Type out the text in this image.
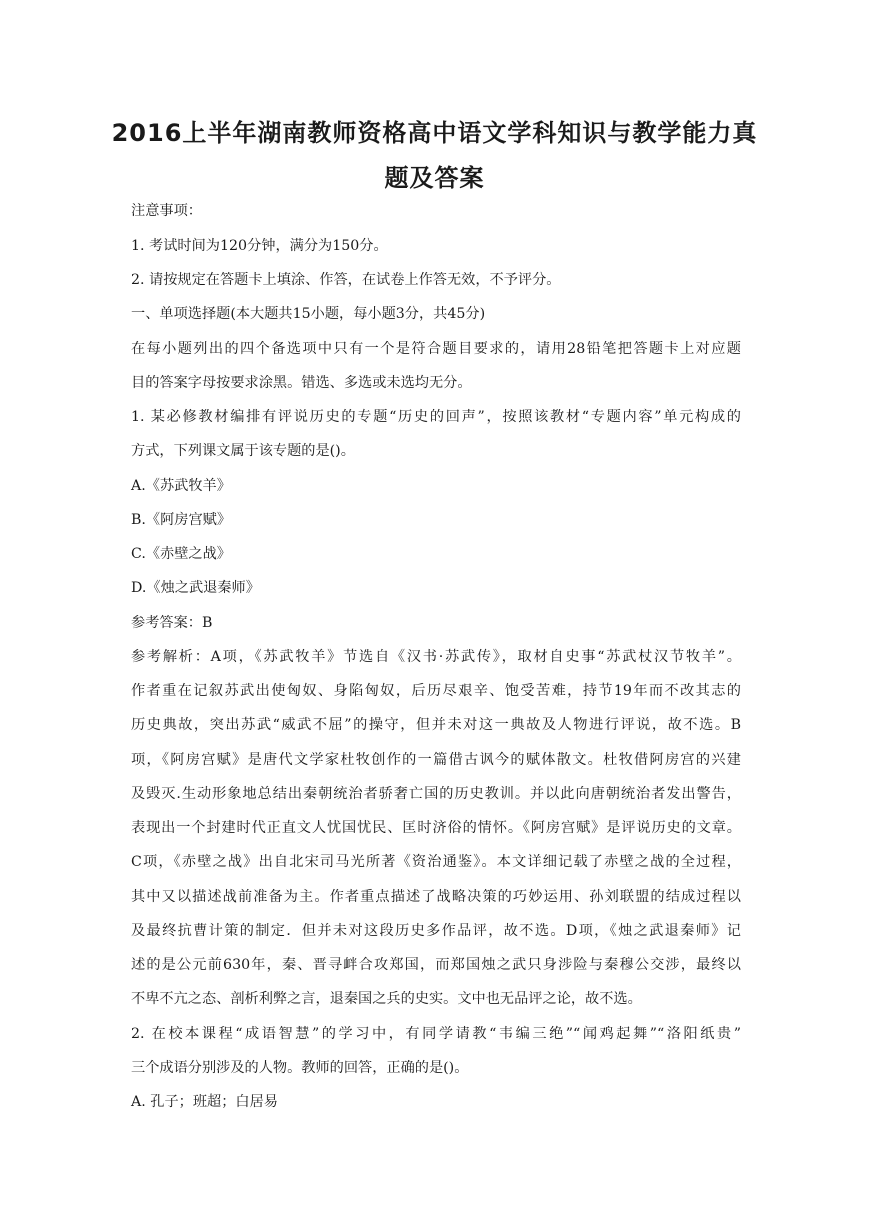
2016上半年湖南教师资格高中语文学科知识与教学能力真
题及答案
注意事项：
1. 考试时间为120分钟，满分为150分。
2. 请按规定在答题卡上填涂、作答，在试卷上作答无效，不予评分。
一、单项选择题(本大题共15小题，每小题3分，共45分)
在每小题列出的四个备选项中只有一个是符合题目要求的，请用28铅笔把答题卡上对应题
目的答案字母按要求涂黑。错选、多选或未选均无分。
1. 某必修教材编排有评说历史的专题“历史的回声”，按照该教材“专题内容”单元构成的
方式，下列课文属于该专题的是()。
A.《苏武牧羊》
B.《阿房宫赋》
C.《赤壁之战》
D.《烛之武退秦师》
参考答案：B
参考解析：A项，《苏武牧羊》节选自《汉书·苏武传》，取材自史事“苏武杖汉节牧羊”。
作者重在记叙苏武出使匈奴、身陷匈奴，后历尽艰辛、饱受苦难，持节19年而不改其志的
历史典故，突出苏武“威武不屈”的操守，但并未对这一典故及人物进行评说，故不选。B
项，《阿房宫赋》是唐代文学家杜牧创作的一篇借古讽今的赋体散文。杜牧借阿房宫的兴建
及毁灭.生动形象地总结出秦朝统治者骄奢亡国的历史教训。并以此向唐朝统治者发出警告，
表现出一个封建时代正直文人忧国忧民、匡时济俗的情怀。《阿房宫赋》是评说历史的文章。
C项，《赤壁之战》出自北宋司马光所著《资治通鉴》。本文详细记载了赤壁之战的全过程，
其中又以描述战前准备为主。作者重点描述了战略决策的巧妙运用、孙刘联盟的结成过程以
及最终抗曹计策的制定．但并未对这段历史多作品评，故不选。D项，《烛之武退秦师》记
述的是公元前630年，秦、晋寻衅合攻郑国，而郑国烛之武只身涉险与秦穆公交涉，最终以
不卑不亢之态、剖析利弊之言，退秦国之兵的史实。文中也无品评之论，故不选。
2. 在校本课程“成语智慧”的学习中，有同学请教“韦编三绝”“闻鸡起舞”“洛阳纸贵”
三个成语分别涉及的人物。教师的回答，正确的是()。
A. 孔子；班超；白居易
